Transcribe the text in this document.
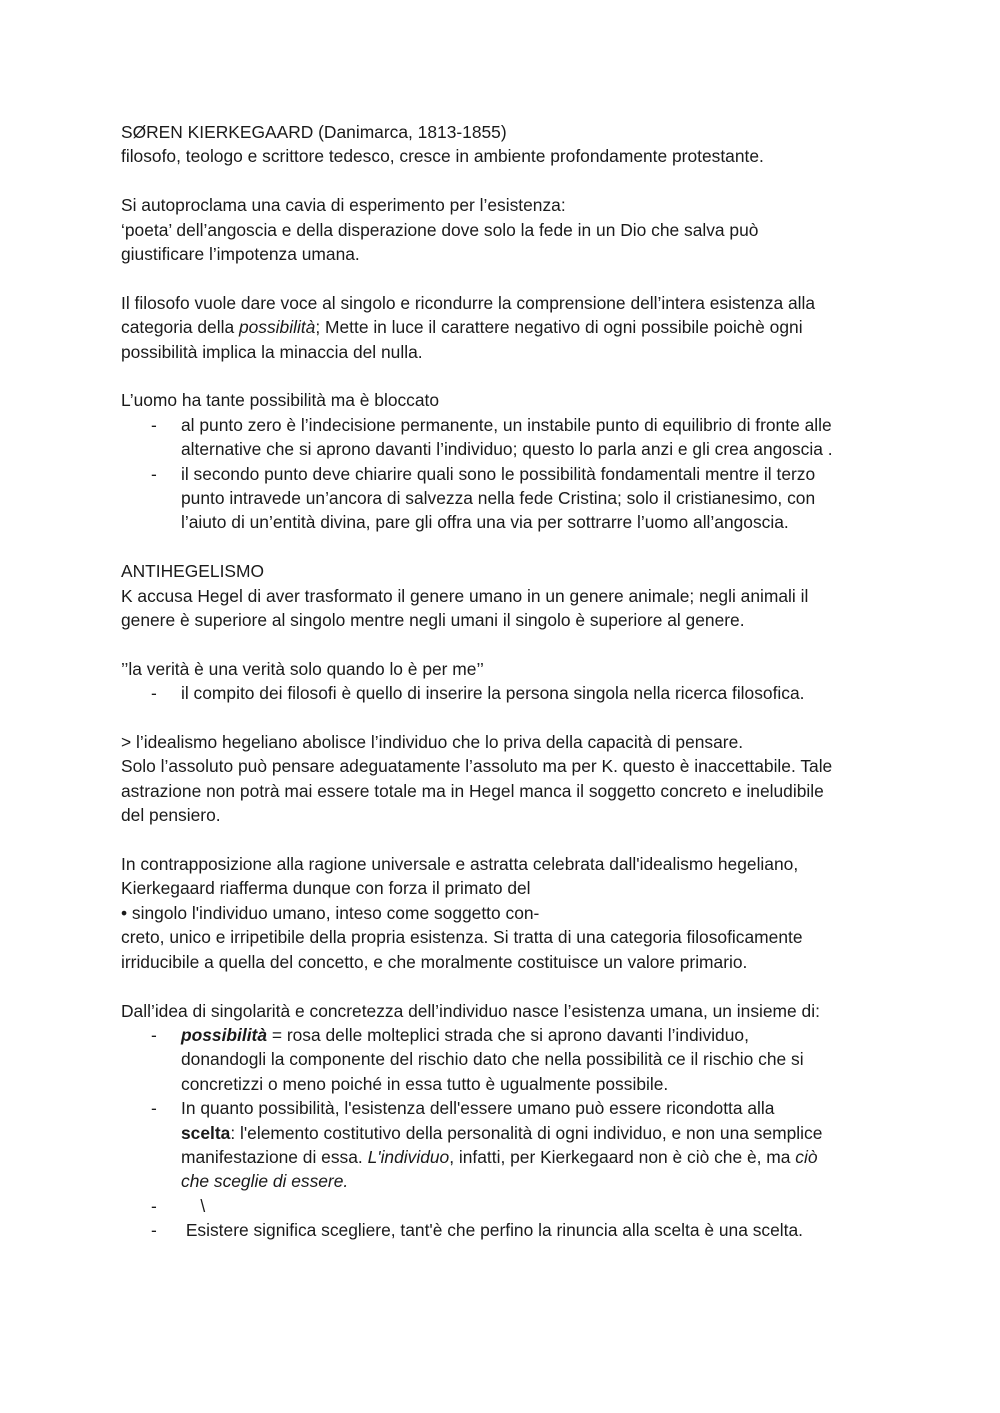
SØREN KIERKEGAARD (Danimarca, 1813-1855)
filosofo, teologo e scrittore tedesco, cresce in ambiente profondamente protestante.
Si autoproclama una cavia di esperimento per l’esistenza:
‘poeta’ dell’angoscia e della disperazione dove solo la fede in un Dio che salva può
giustificare l’impotenza umana.
Il filosofo vuole dare voce al singolo e ricondurre la comprensione dell’intera esistenza alla
categoria della possibilità; Mette in luce il carattere negativo di ogni possibile poichè ogni
possibilità implica la minaccia del nulla.
L’uomo ha tante possibilità ma è bloccato
- al punto zero è l’indecisione permanente, un instabile punto di equilibrio di fronte alle
alternative che si aprono davanti l’individuo; questo lo parla anzi e gli crea angoscia .
- il secondo punto deve chiarire quali sono le possibilità fondamentali mentre il terzo
punto intravede un’ancora di salvezza nella fede Cristina; solo il cristianesimo, con
l’aiuto di un’entità divina, pare gli offra una via per sottrarre l’uomo all’angoscia.
ANTIHEGELISMO
K accusa Hegel di aver trasformato il genere umano in un genere animale; negli animali il
genere è superiore al singolo mentre negli umani il singolo è superiore al genere.
’’la verità è una verità solo quando lo è per me’’
- il compito dei filosofi è quello di inserire la persona singola nella ricerca filosofica.
> l’idealismo hegeliano abolisce l’individuo che lo priva della capacità di pensare.
Solo l’assoluto può pensare adeguatamente l’assoluto ma per K. questo è inaccettabile. Tale
astrazione non potrà mai essere totale ma in Hegel manca il soggetto concreto e ineludibile
del pensiero.
In contrapposizione alla ragione universale e astratta celebrata dall'idealismo hegeliano,
Kierkegaard riafferma dunque con forza il primato del
• singolo l'individuo umano, inteso come soggetto con-
creto, unico e irripetibile della propria esistenza. Si tratta di una categoria filosoficamente
irriducibile a quella del concetto, e che moralmente costituisce un valore primario.
Dall’idea di singolarità e concretezza dell’individuo nasce l’esistenza umana, un insieme di:
- possibilità = rosa delle molteplici strada che si aprono davanti l’individuo,
donandogli la componente del rischio dato che nella possibilità ce il rischio che si
concretizzi o meno poiché in essa tutto è ugualmente possibile.
- In quanto possibilità, l'esistenza dell'essere umano può essere ricondotta alla
scelta: l'elemento costitutivo della personalità di ogni individuo, e non una semplice
manifestazione di essa. L'individuo, infatti, per Kierkegaard non è ciò che è, ma ciò
che sceglie di essere.
- \
- Esistere significa scegliere, tant'è che perfino la rinuncia alla scelta è una scelta.
